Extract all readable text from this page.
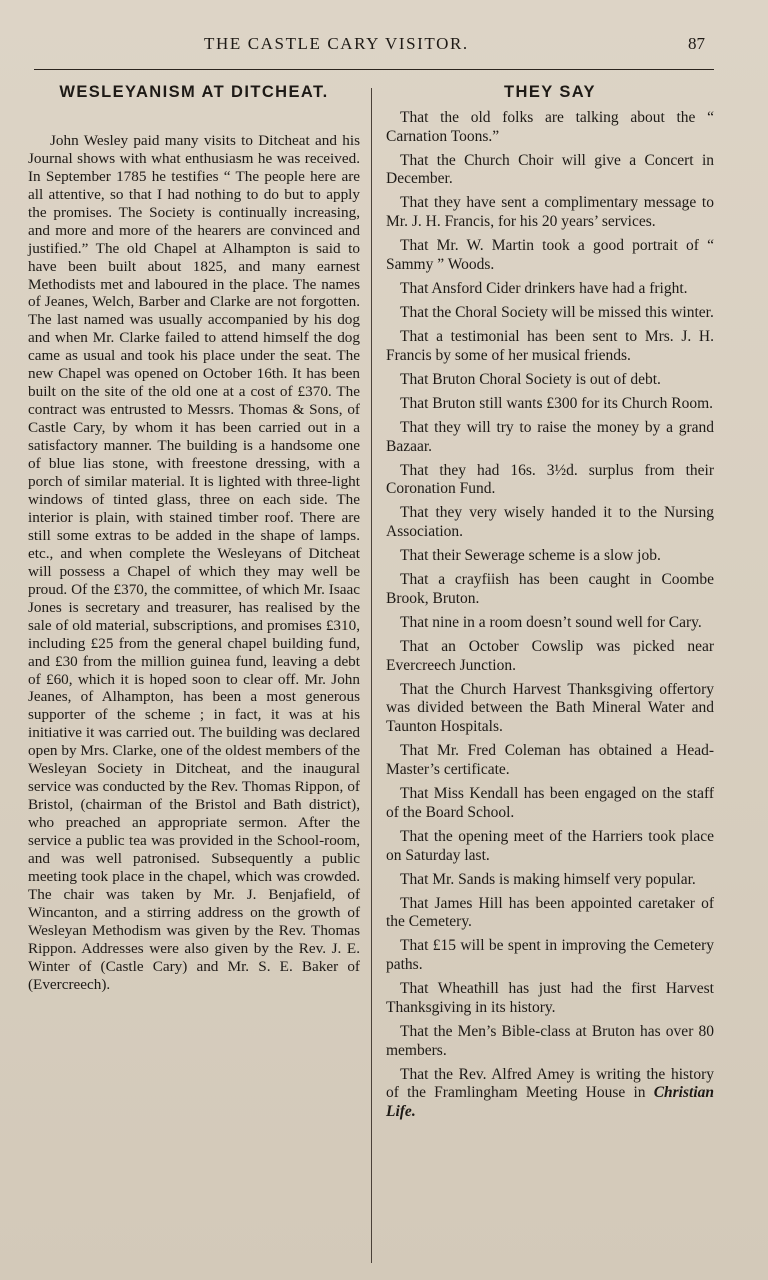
THE CASTLE CARY VISITOR.	87
WESLEYANISM AT DITCHEAT.

John Wesley paid many visits to Ditcheat and his Journal shows with what enthusiasm he was received. In September 1785 he testifies “ The people here are all attentive, so that I had nothing to do but to apply the promises. The Society is continually increasing, and more and more of the hearers are convinced and justified.” The old Chapel at Alhampton is said to have been built about 1825, and many earnest Methodists met and laboured in the place. The names of Jeanes, Welch, Barber and Clarke are not forgotten. The last named was usually accompanied by his dog and when Mr. Clarke failed to attend himself the dog came as usual and took his place under the seat. The new Chapel was opened on October 16th. It has been built on the site of the old one at a cost of £370. The contract was entrusted to Messrs. Thomas & Sons, of Castle Cary, by whom it has been carried out in a satisfactory manner. The building is a handsome one of blue lias stone, with freestone dressing, with a porch of similar material. It is lighted with three-light windows of tinted glass, three on each side. The interior is plain, with stained timber roof. There are still some extras to be added in the shape of lamps. etc., and when complete the Wesleyans of Ditcheat will possess a Chapel of which they may well be proud. Of the £370, the committee, of which Mr. Isaac Jones is secretary and treasurer, has realised by the sale of old material, subscriptions, and promises £310, including £25 from the general chapel building fund, and £30 from the million guinea fund, leaving a debt of £60, which it is hoped soon to clear off. Mr. John Jeanes, of Alhampton, has been a most generous supporter of the scheme ; in fact, it was at his initiative it was carried out. The building was declared open by Mrs. Clarke, one of the oldest members of the Wesleyan Society in Ditcheat, and the inaugural service was conducted by the Rev. Thomas Rippon, of Bristol, (chairman of the Bristol and Bath district), who preached an appropriate sermon. After the service a public tea was provided in the School-room, and was well patronised. Subsequently a public meeting took place in the chapel, which was crowded. The chair was taken by Mr. J. Benjafield, of Wincanton, and a stirring address on the growth of Wesleyan Methodism was given by the Rev. Thomas Rippon. Addresses were also given by the Rev. J. E. Winter of (Castle Cary) and Mr. S. E. Baker of (Evercreech).

THEY SAY
That the old folks are talking about the “ Carnation Toons.”
That the Church Choir will give a Concert in December.
That they have sent a complimentary message to Mr. J. H. Francis, for his 20 years’ services.
That Mr. W. Martin took a good portrait of “ Sammy ” Woods.
That Ansford Cider drinkers have had a fright.
That the Choral Society will be missed this winter.
That a testimonial has been sent to Mrs. J. H. Francis by some of her musical friends.
That Bruton Choral Society is out of debt.
That Bruton still wants £300 for its Church Room.
That they will try to raise the money by a grand Bazaar.
That they had 16s. 3½d. surplus from their Coronation Fund.
That they very wisely handed it to the Nursing Association.
That their Sewerage scheme is a slow job.
That a crayfiish has been caught in Coombe Brook, Bruton.
That nine in a room doesn’t sound well for Cary.
That an October Cowslip was picked near Evercreech Junction.
That the Church Harvest Thanksgiving offertory was divided between the Bath Mineral Water and Taunton Hospitals.
That Mr. Fred Coleman has obtained a Head-Master’s certificate.
That Miss Kendall has been engaged on the staff of the Board School.
That the opening meet of the Harriers took place on Saturday last.
That Mr. Sands is making himself very popular.
That James Hill has been appointed caretaker of the Cemetery.
That £15 will be spent in improving the Cemetery paths.
That Wheathill has just had the first Harvest Thanksgiving in its history.
That the Men’s Bible-class at Bruton has over 80 members.
That the Rev. Alfred Amey is writing the history of the Framlingham Meeting House in Christian Life.
